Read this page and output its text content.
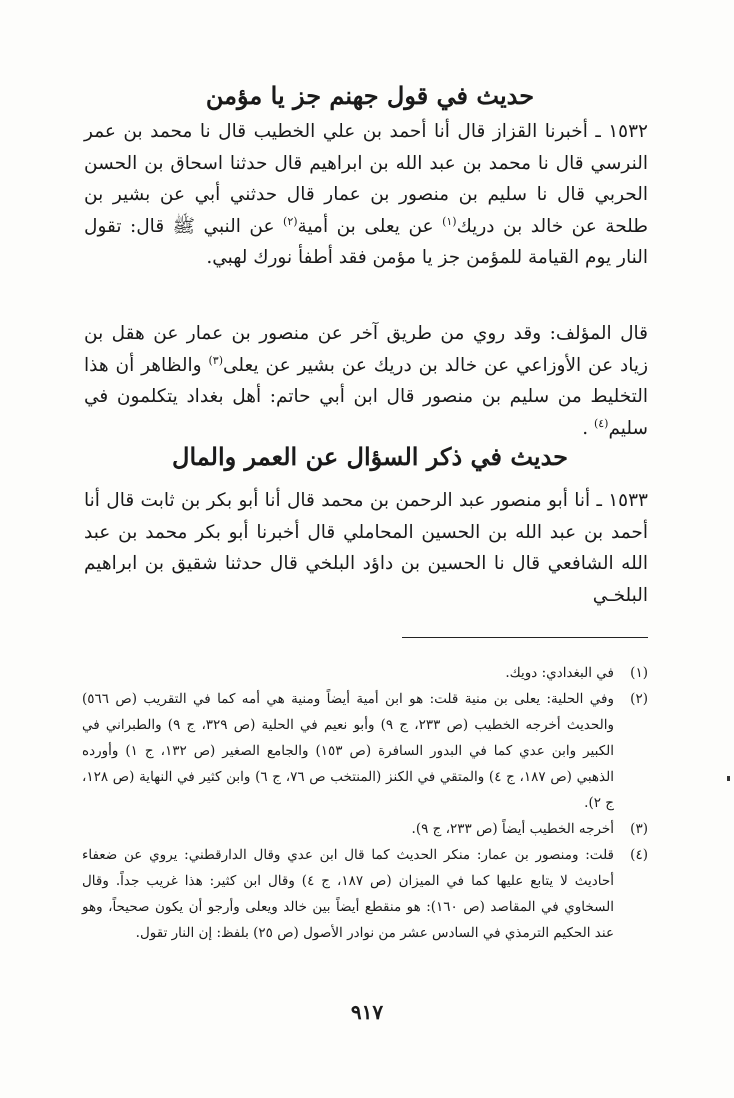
حديث في قول جهنم جز يا مؤمن

١٥٣٢ ـ أخبرنا القزاز قال أنا أحمد بن علي الخطيب قال نا محمد بن عمر النرسي قال نا محمد بن عبد الله بن ابراهيم قال حدثنا اسحاق بن الحسن الحربي قال نا سليم بن منصور بن عمار قال حدثني أبي عن بشير بن طلحة عن خالد بن دريك$^{(١)}$ عن يعلى بن أمية$^{(٢)}$ عن النبي ﷺ قال: تقول النار يوم القيامة للمؤمن جز يا مؤمن فقد أطفأ نورك لهبي.

قال المؤلف: وقد روي من طريق آخر عن منصور بن عمار عن هقل بن زياد عن الأوزاعي عن خالد بن دريك عن بشير عن يعلى$^{(٣)}$ والظاهر أن هذا التخليط من سليم بن منصور قال ابن أبي حاتم: أهل بغداد يتكلمون في سليم$^{(٤)}$ .

حديث في ذكر السؤال عن العمر والمال

١٥٣٣ ـ أنا أبو منصور عبد الرحمن بن محمد قال أنا أبو بكر بن ثابت قال أنا أحمد بن عبد الله بن الحسين المحاملي قال أخبرنا أبو بكر محمد بن عبد الله الشافعي قال نا الحسين بن داؤد البلخي قال حدثنا شقيق بن ابراهيم البلخـي

(١)
في البغدادي: دويك.
(٢)
وفي الحلية: يعلى بن منية قلت: هو ابن أمية أيضاً ومنية هي أمه كما في التقريب (ص ٥٦٦) والحديث أخرجه الخطيب (ص ٢٣٣، ج ٩) وأبو نعيم في الحلية (ص ٣٢٩، ج ٩) والطبراني في الكبير وابن عدي كما في البدور السافرة (ص ١٥٣) والجامع الصغير (ص ١٣٢، ج ١) وأورده الذهبي (ص ١٨٧، ج ٤) والمتقي في الكنز (المنتخب ص ٧٦، ج ٦) وابن كثير في النهاية (ص ١٢٨، ج ٢).
(٣)
أخرجه الخطيب أيضاً (ص ٢٣٣، ج ٩).
(٤)
قلت: ومنصور بن عمار: منكر الحديث كما قال ابن عدي وقال الدارقطني: يروي عن ضعفاء أحاديث لا يتابع عليها كما في الميزان (ص ١٨٧، ج ٤) وقال ابن كثير: هذا غريب جداً. وقال السخاوي في المقاصد (ص ١٦٠): هو منقطع أيضاً بين خالد ويعلى وأرجو أن يكون صحيحاً، وهو عند الحكيم الترمذي في السادس عشر من نوادر الأصول (ص ٢٥) بلفظ: إن النار تقول.
٩١٧
